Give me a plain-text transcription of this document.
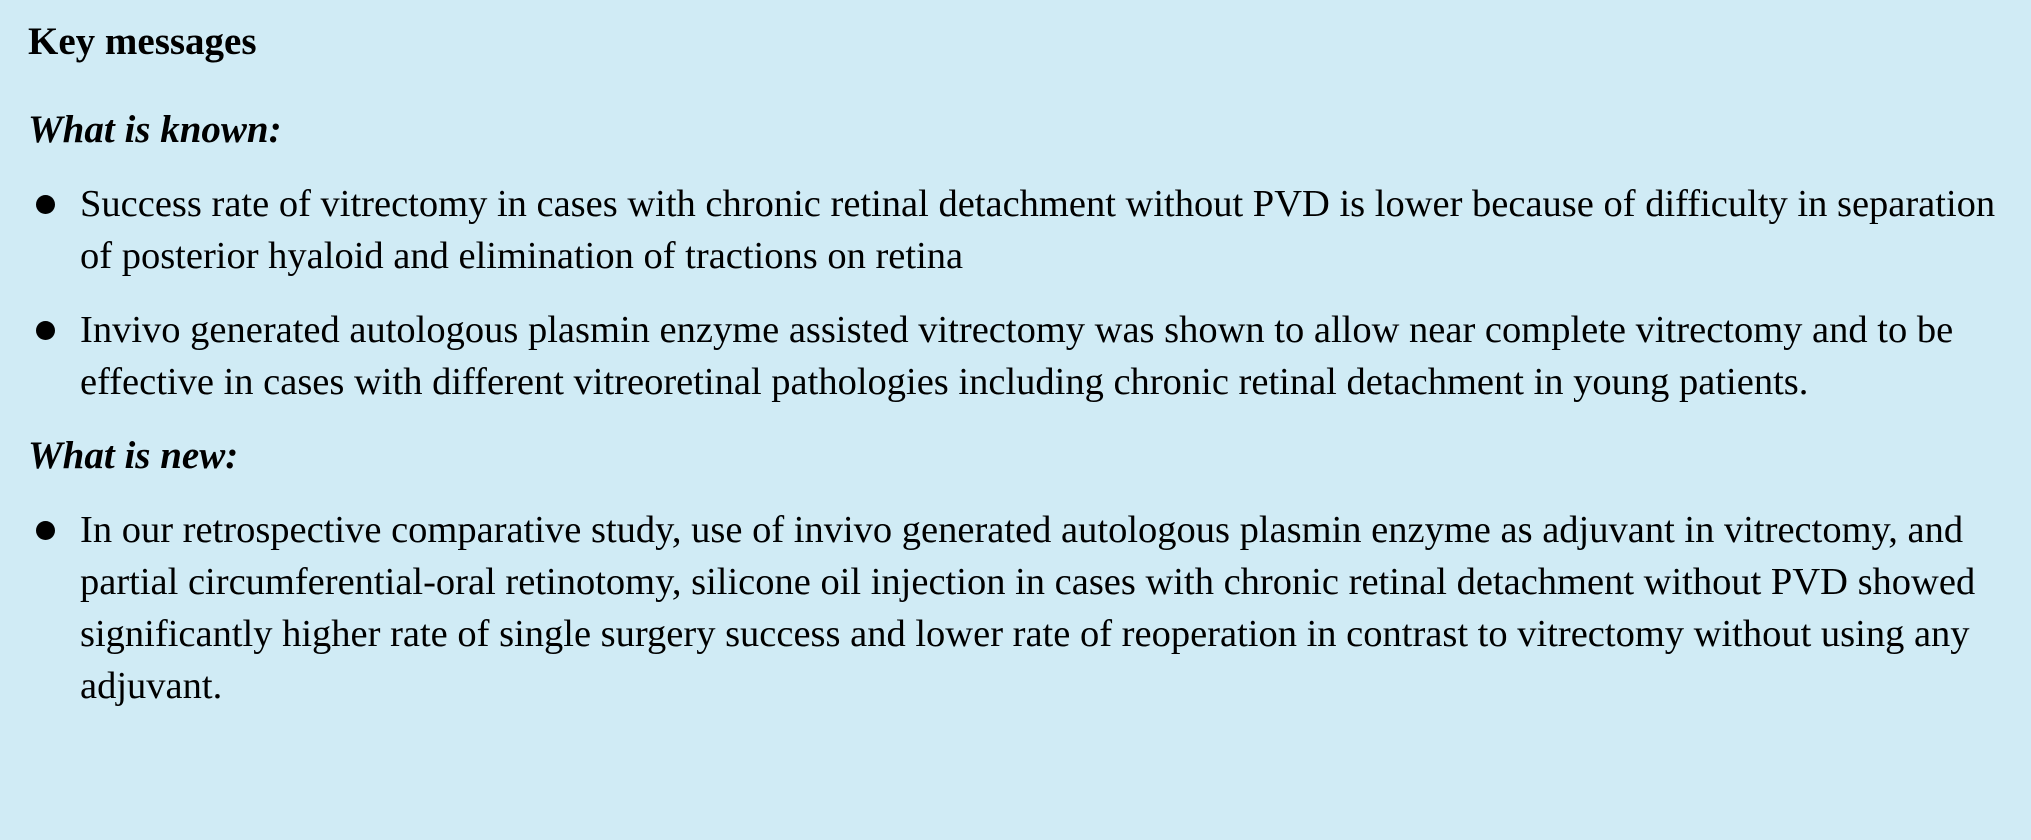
Key messages
What is known:
Success rate of vitrectomy in cases with chronic retinal detachment without PVD is lower because of difficulty in separation of posterior hyaloid and elimination of tractions on retina
Invivo generated autologous plasmin enzyme assisted vitrectomy was shown to allow near complete vitrectomy and to be effective in cases with different vitreoretinal pathologies including chronic retinal detachment in young patients.
What is new:
In our retrospective comparative study, use of invivo generated autologous plasmin enzyme as adjuvant in vitrectomy, and partial circumferential-oral retinotomy, silicone oil injection in cases with chronic retinal detachment without PVD showed significantly higher rate of single surgery success and lower rate of reoperation in contrast to vitrectomy without using any adjuvant.
